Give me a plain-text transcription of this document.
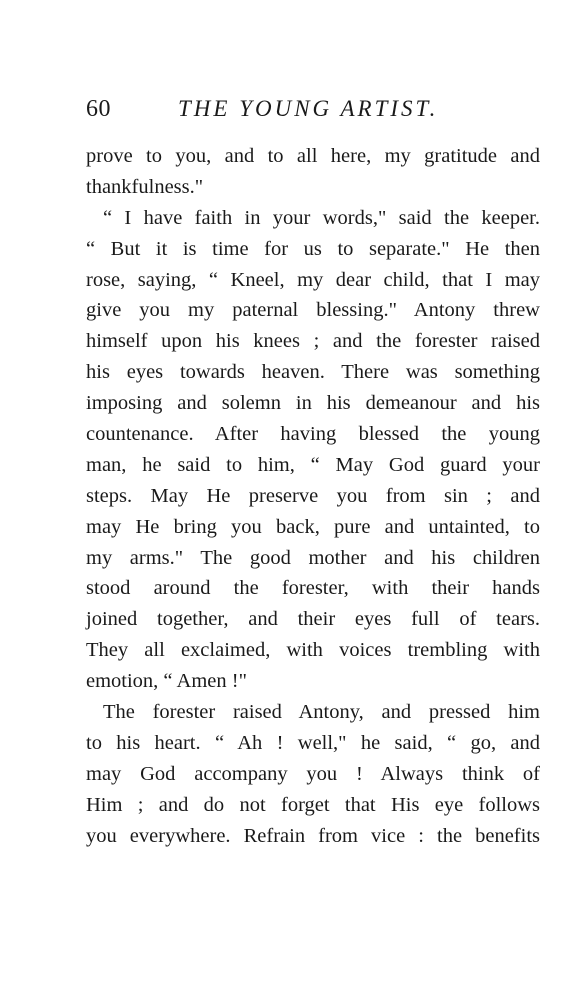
60	THE YOUNG ARTIST.
prove to you, and to all here, my gratitude and
thankfulness."
“ I have faith in your words," said the keeper.
“ But it is time for us to separate." He then
rose, saying, “ Kneel, my dear child, that I may
give you my paternal blessing." Antony threw
himself upon his knees ; and the forester raised
his eyes towards heaven. There was something
imposing and solemn in his demeanour and his
countenance. After having blessed the young
man, he said to him, “ May God guard your
steps. May He preserve you from sin ; and
may He bring you back, pure and untainted, to
my arms." The good mother and his children
stood around the forester, with their hands
joined together, and their eyes full of tears.
They all exclaimed, with voices trembling with
emotion, “ Amen !"
The forester raised Antony, and pressed him
to his heart. “ Ah ! well," he said, “ go, and
may God accompany you ! Always think of
Him ; and do not forget that His eye follows
you everywhere. Refrain from vice : the benefits
